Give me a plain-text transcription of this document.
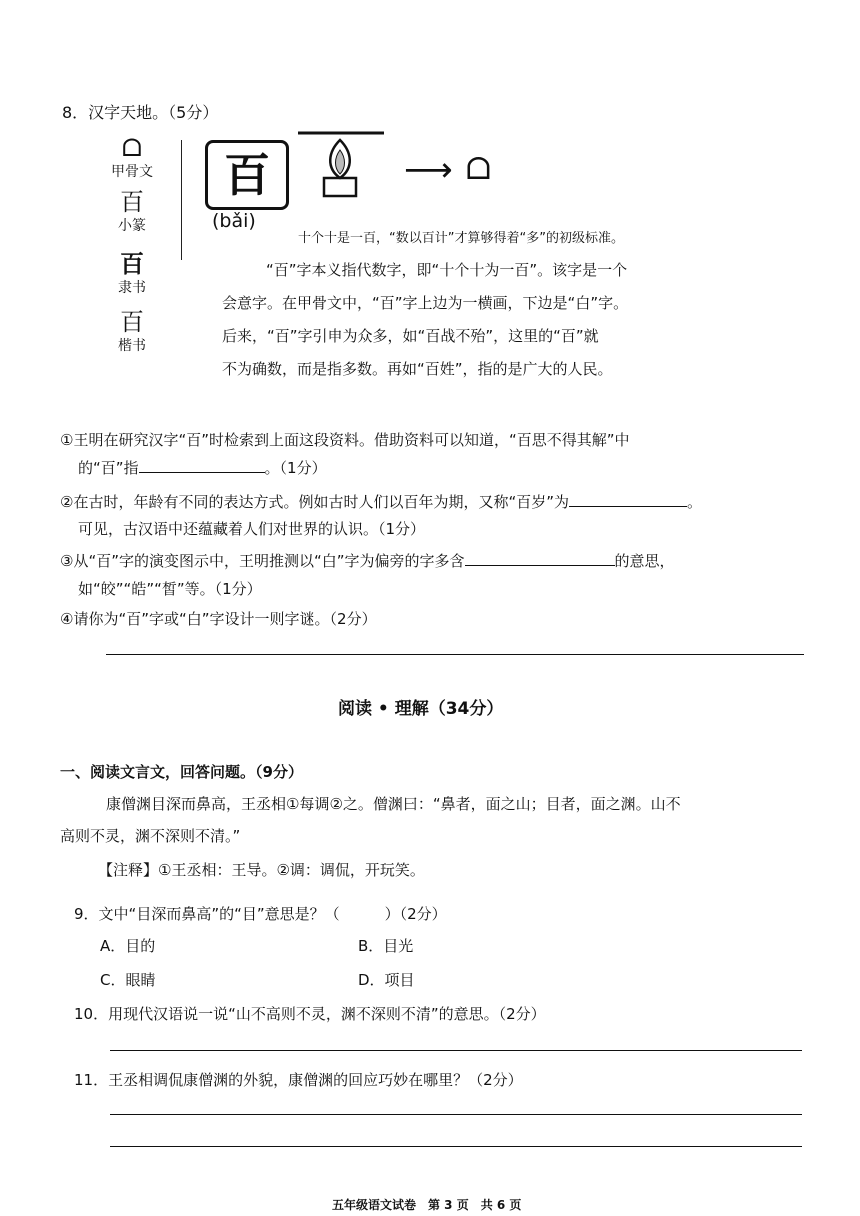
8．汉字天地。（5分）
ᗝ
甲骨文
百
小篆
百
隶书
百
楷书
百	⟶ ᗝ
(bǎi)
十个十是一百，“数以百计”才算够得着“多”的初级标准。
“百”字本义指代数字，即“十个十为一百”。该字是一个
会意字。在甲骨文中，“百”字上边为一横画，下边是“白”字。
后来，“百”字引申为众多，如“百战不殆”，这里的“百”就
不为确数，而是指多数。再如“百姓”，指的是广大的人民。
①王明在研究汉字“百”时检索到上面这段资料。借助资料可以知道，“百思不得其解”中
的“百”指	。（1分）
②在古时，年龄有不同的表达方式。例如古时人们以百年为期，又称“百岁”为	。
可见，古汉语中还蕴藏着人们对世界的认识。（1分）
③从“百”字的演变图示中，王明推测以“白”字为偏旁的字多含	的意思，
如“皎”“皓”“皙”等。（1分）
④请你为“百”字或“白”字设计一则字谜。（2分）
阅读 • 理解（34分）
一、阅读文言文，回答问题。（9分）
康僧渊目深而鼻高，王丞相①每调②之。僧渊曰：“鼻者，面之山；目者，面之渊。山不
高则不灵，渊不深则不清。”
【注释】①王丞相：王导。②调：调侃，开玩笑。
9．文中“目深而鼻高”的“目”意思是？（　　　）（2分）
A．目的	B．目光
C．眼睛	D．项目
10．用现代汉语说一说“山不高则不灵，渊不深则不清”的意思。（2分）
11．王丞相调侃康僧渊的外貌，康僧渊的回应巧妙在哪里？（2分）
五年级语文试卷　第 3 页　共 6 页
